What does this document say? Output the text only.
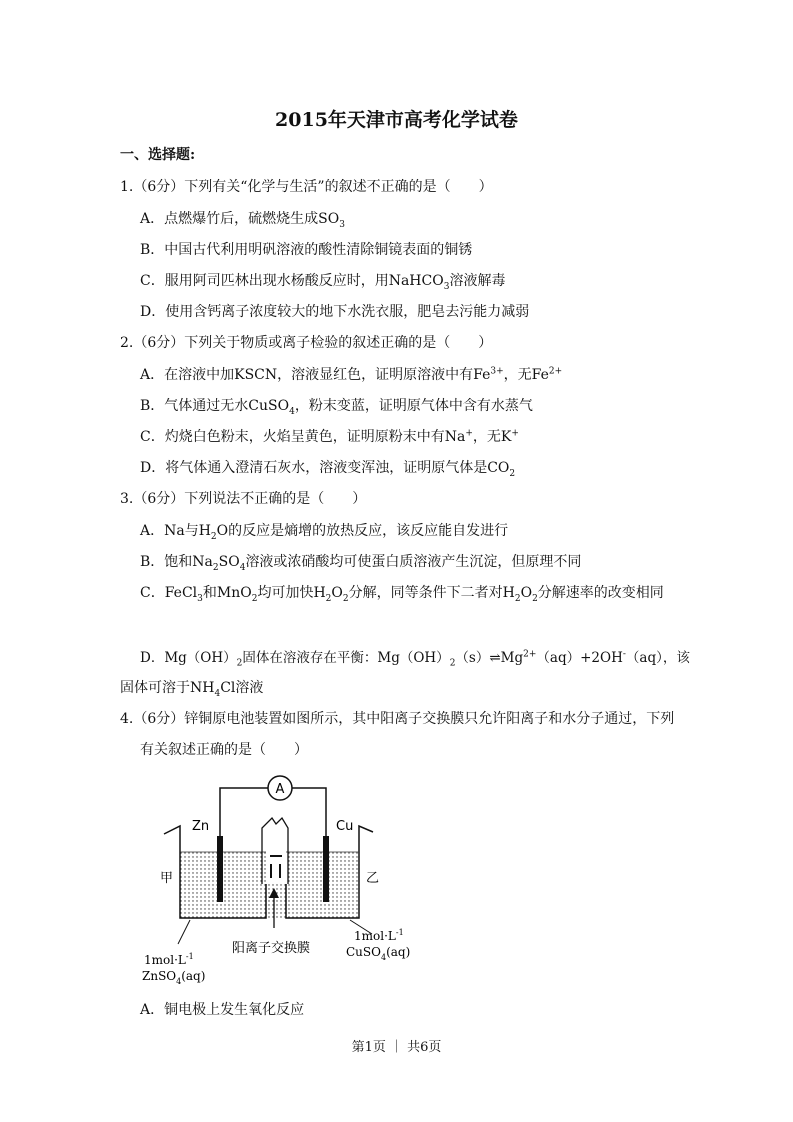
2015年天津市高考化学试卷
一、选择题:
1.（6分）下列有关“化学与生活”的叙述不正确的是（　　）
A．点燃爆竹后，硫燃烧生成$SO_3$
B．中国古代利用明矾溶液的酸性清除铜镜表面的铜锈
C．服用阿司匹林出现水杨酸反应时，用NaHCO$_3$溶液解毒
D．使用含钙离子浓度较大的地下水洗衣服，肥皂去污能力减弱
2.（6分）下列关于物质或离子检验的叙述正确的是（　　）
A．在溶液中加KSCN，溶液显红色，证明原溶液中有$Fe^{3+}$，无$Fe^{2+}$
B．气体通过无水CuSO$_4$，粉末变蓝，证明原气体中含有水蒸气
C．灼烧白色粉末，火焰呈黄色，证明原粉末中有Na+，无K+
D．将气体通入澄清石灰水，溶液变浑浊，证明原气体是$CO_2$
3.（6分）下列说法不正确的是（　　）
A．Na与$H_2O$的反应是熵增的放热反应，该反应能自发进行
B．饱和$Na_2SO_4$溶液或浓硝酸均可使蛋白质溶液产生沉淀，但原理不同
C．FeCl$_3$和MnO$_2$均可加快$H_2O_2$分解，同等条件下二者对$H_2O_2$分解速率的改变相同
D．$Mg(OH)_2$固体在溶液存在平衡：$Mg(OH)_2(s)\rightleftharpoons Mg^{2+}(aq)+2OH^-(aq)$，该
固体可溶于$NH_4Cl$溶液
4.（6分）锌铜原电池装置如图所示，其中阳离子交换膜只允许阳离子和水分子通过，下列
有关叙述正确的是（　　）
A
Zn	Cu
甲	乙
阳离子交换膜
$1mol\cdot L^{-1}$
ZnSO$_4$(aq)
$1mol\cdot L^{-1}$
CuSO$_4$(aq)
A．铜电极上发生氧化反应
第1页 ｜ 共6页
